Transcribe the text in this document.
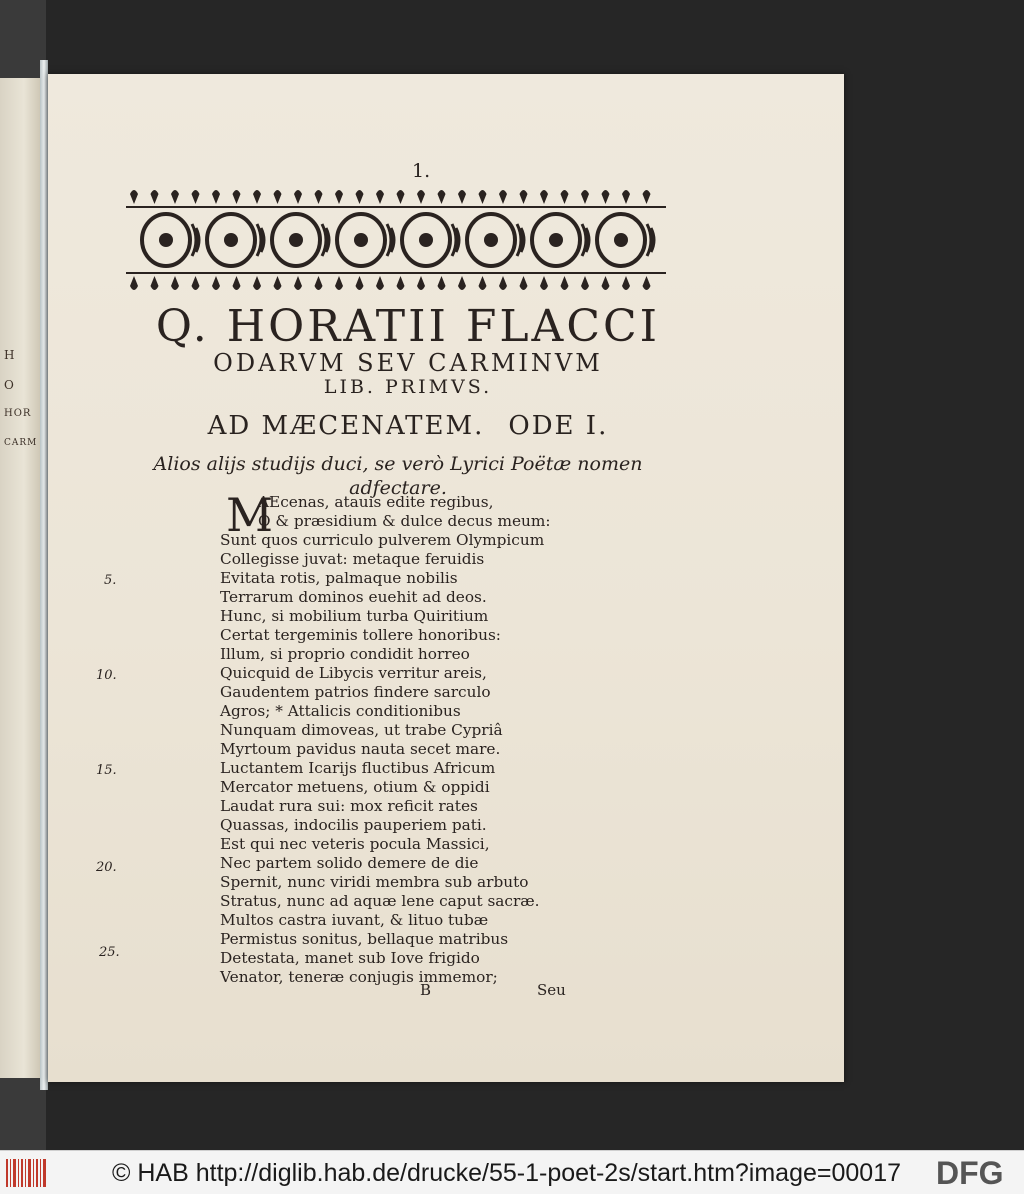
H
O
HOR
CARM
1.
Q. HORATII FLACCI
ODARVM SEV CARMINVM
LIB. PRIMVS.
AD MÆCENATEM. ODE I.
Alios alijs studijs duci, se verò Lyrici Poëtæ nomen adfectare.
M
AEcenas, atauis edite regibus,
O & præsidium & dulce decus meum:
Sunt quos curriculo pulverem Olympicum
Collegisse juvat: metaque feruidis
Evitata rotis, palmaque nobilis
Terrarum dominos euehit ad deos.
Hunc, si mobilium turba Quiritium
Certat tergeminis tollere honoribus:
Illum, si proprio condidit horreo
Quicquid de Libycis verritur areis,
Gaudentem patrios findere sarculo
Agros; * Attalicis conditionibus
Nunquam dimoveas, ut trabe Cypriâ
Myrtoum pavidus nauta secet mare.
Luctantem Icarijs fluctibus Africum
Mercator metuens, otium & oppidi
Laudat rura sui: mox reficit rates
Quassas, indocilis pauperiem pati.
Est qui nec veteris pocula Massici,
Nec partem solido demere de die
Spernit, nunc viridi membra sub arbuto
Stratus, nunc ad aquæ lene caput sacræ.
Multos castra iuvant, & lituo tubæ
Permistus sonitus, bellaque matribus
Detestata, manet sub Iove frigido
Venator, teneræ conjugis immemor;
5.
10.
15.
20.
25.
B	Seu
© HAB http://diglib.hab.de/drucke/55-1-poet-2s/start.htm?image=00017 DFG
